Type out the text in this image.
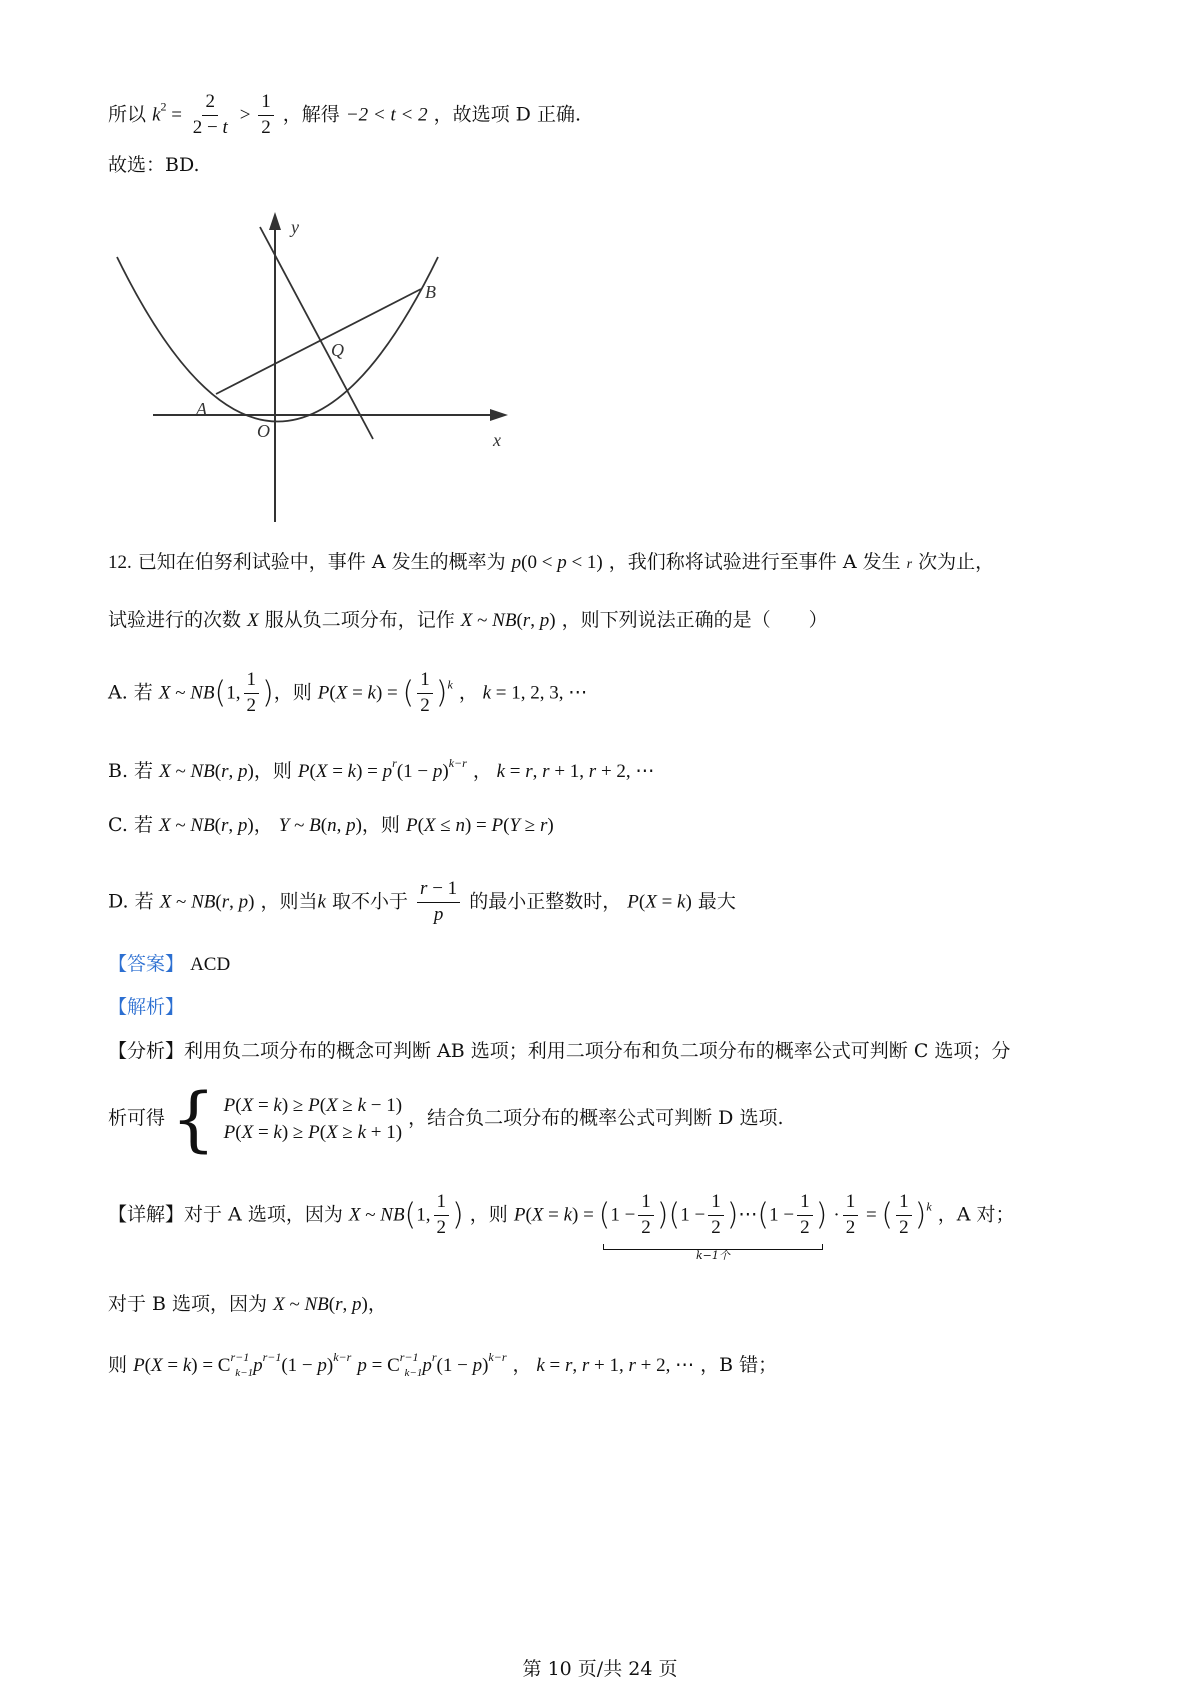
所以 $k^2 = \frac{2}{2 - t} > \frac{1}{2}$ ，解得 −2 < t < 2 ，故选项 D 正确.
故选：BD.
y
x
O
A
B
Q
12. 已知在伯努利试验中，事件 A 发生的概率为 p(0 < p < 1) ，我们称将试验进行至事件 A 发生 r 次为止，
试验进行的次数 X 服从负二项分布，记作 X ~ NB(r, p) ，则下列说法正确的是（　　）
A. 若 X ~ NB(1, $\frac{1}{2}$ )，则 P(X = k) = ( $\frac{1}{2} )^k$ ， k = 1, 2, 3, ⋯
B. 若 X ~ NB(r, p)，则 $P(X = k) = p^r(1 - p)^{k-r}$ ， k = r, r + 1, r + 2, ⋯
C. 若 X ~ NB(r, p)， Y ~ B(n, p)，则 P(X ≤ n) = P(Y ≥ r)
D. 若 X ~ NB(r, p) ，则当k 取不小于 $\frac{r - 1}{p}$ 的最小正整数时， P(X = k) 最大
【答案】 ACD
【解析】
【分析】利用负二项分布的概念可判断 AB 选项；利用二项分布和负二项分布的概率公式可判断 C 选项；分
析可得 { P(X = k) ≥ P(X ≥ k − 1)
P(X = k) ≥ P(X ≥ k + 1)
，结合负二项分布的概率公式可判断 D 选项.
【详解】对于 A 选项，因为 X ~ NB(1, $\frac{1}{2}$ ) ，则 $P(X = k) = (1 - \frac{1}{2} )(1 - \frac{1}{2}$ )⋯(1 − $\frac{1}{2}$ )
k−1个
· $\frac{1}{2}$ = ( $\frac{1}{2} )^k$ ，A 对；
对于 B 选项，因为 X ~ NB(r, p)，
则 $P(X = k) = C^{r-1}_{k-1}p^{r-1}(1 - p)^{k-r}$ $p = C^{r-1}_{k-1}p^r(1 - p)^{k-r}$ ， k = r, r + 1, r + 2, ⋯ ，B 错；
第 10 页/共 24 页
